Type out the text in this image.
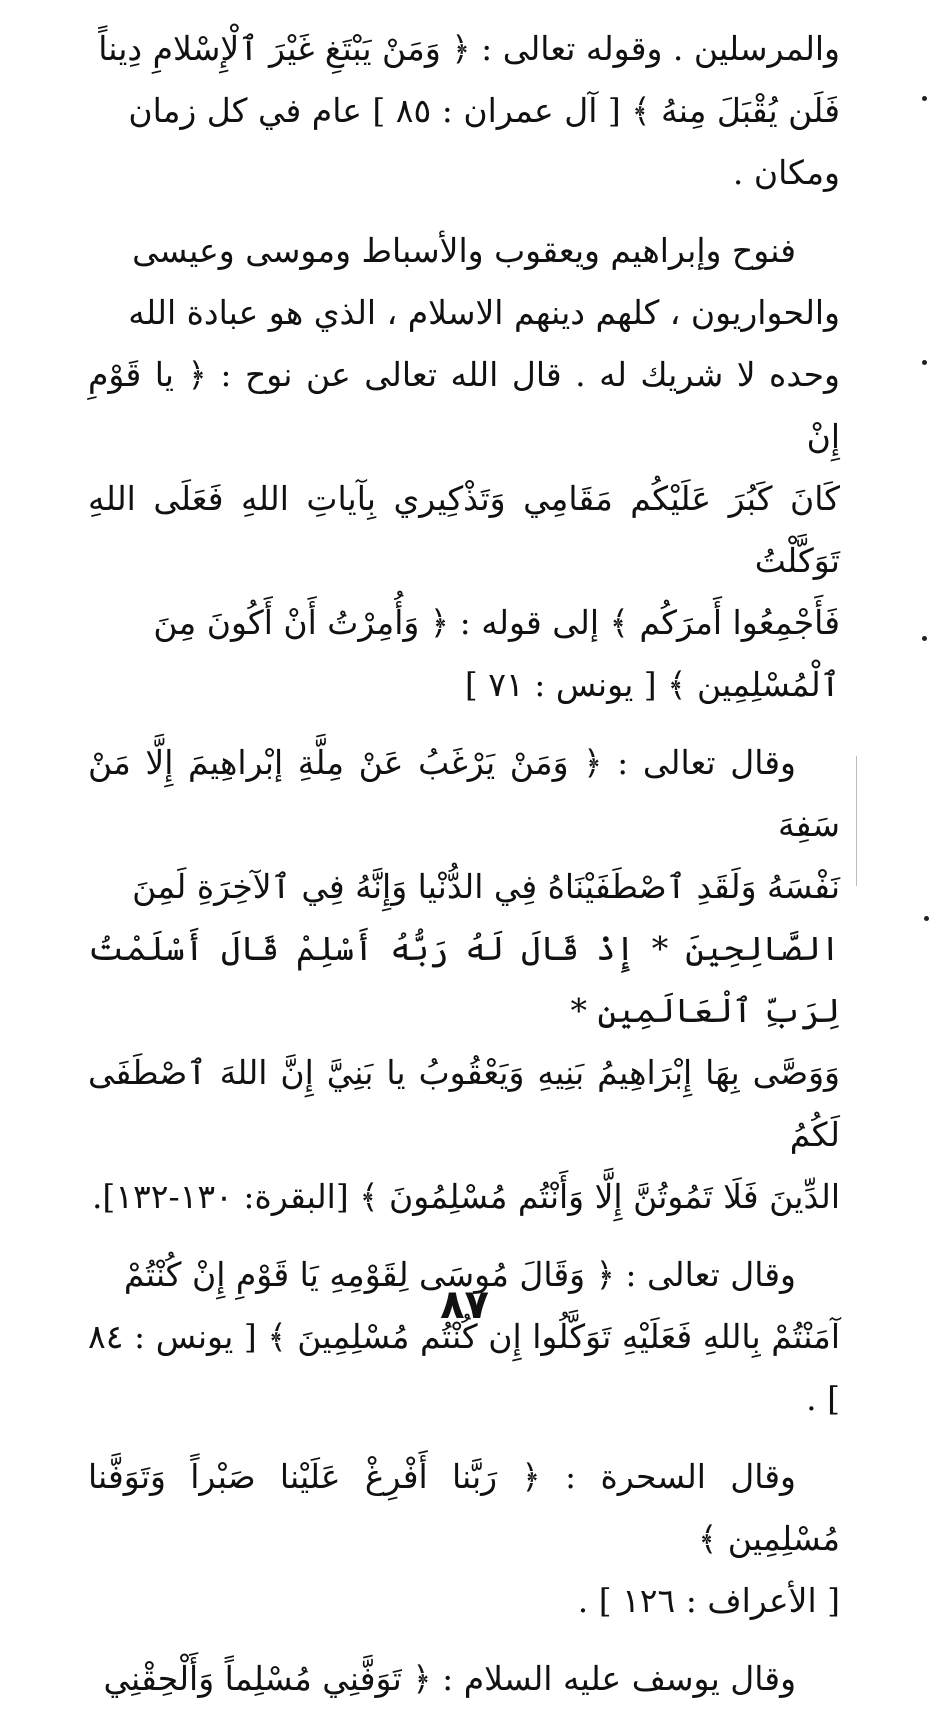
والمرسلين . وقوله تعالى : ﴿ وَمَنْ يَبْتَغِ غَيْرَ ٱلْإِسْلامِ دِيناً

فَلَن يُقْبَلَ مِنهُ ﴾ [ آل عمران : ٨٥ ] عام في كل زمان

ومكان .

فنوح وإبراهيم ويعقوب والأسباط وموسى وعيسى

والحواريون ، كلهم دينهم الاسلام ، الذي هو عبادة الله

وحده لا شريك له . قال الله تعالى عن نوح : ﴿ يا قَوْمِ إِنْ

كَانَ كَبُرَ عَلَيْكُم مَقَامِي وَتَذْكِيري بِآياتِ اللهِ فَعَلَى اللهِ تَوَكَّلْتُ

فَأَجْمِعُوا أَمرَكُم ﴾ إلى قوله : ﴿ وَأُمِرْتُ أَنْ أَكُونَ مِنَ

ٱلْمُسْلِمِين ﴾ [ يونس : ٧١ ]

وقال تعالى : ﴿ وَمَنْ يَرْغَبُ عَنْ مِلَّةِ إبْراهِيمَ إِلَّا مَنْ سَفِهَ

نَفْسَهُ وَلَقَدِ ٱصْطَفَيْنَاهُ فِي الدُّنْيا وَإِنَّهُ فِي ٱلآخِرَةِ لَمِنَ

الصَّالِحِينَ * إِذْ قَالَ لَهُ رَبُّهُ أَسْلِمْ قَالَ أَسْلَمْتُ لِرَبِّ ٱلْعَالَمِين *

وَوَصَّى بِهَا إِبْرَاهِيمُ بَنِيهِ وَيَعْقُوبُ يا بَنِيَّ إِنَّ اللهَ ٱصْطَفَى لَكُمُ

الدِّينَ فَلَا تَمُوتُنَّ إِلَّا وَأَنْتُم مُسْلِمُونَ ﴾ [البقرة: ١٣٠-١٣٢].

وقال تعالى : ﴿ وَقَالَ مُوسَى لِقَوْمِهِ يَا قَوْمِ إِنْ كُنْتُمْ

آمَنْتُمْ بِاللهِ فَعَلَيْهِ تَوَكَّلُوا إِن كُنْتُم مُسْلِمِينَ ﴾ [ يونس : ٨٤ ] .

وقال السحرة : ﴿ رَبَّنا أَفْرِغْ عَلَيْنا صَبْراً وَتَوَفَّنا مُسْلِمِين ﴾

[ الأعراف : ١٢٦ ] .

وقال يوسف عليه السلام : ﴿ تَوَفَّنِي مُسْلِماً وَأَلْحِقْنِي

٨٧
